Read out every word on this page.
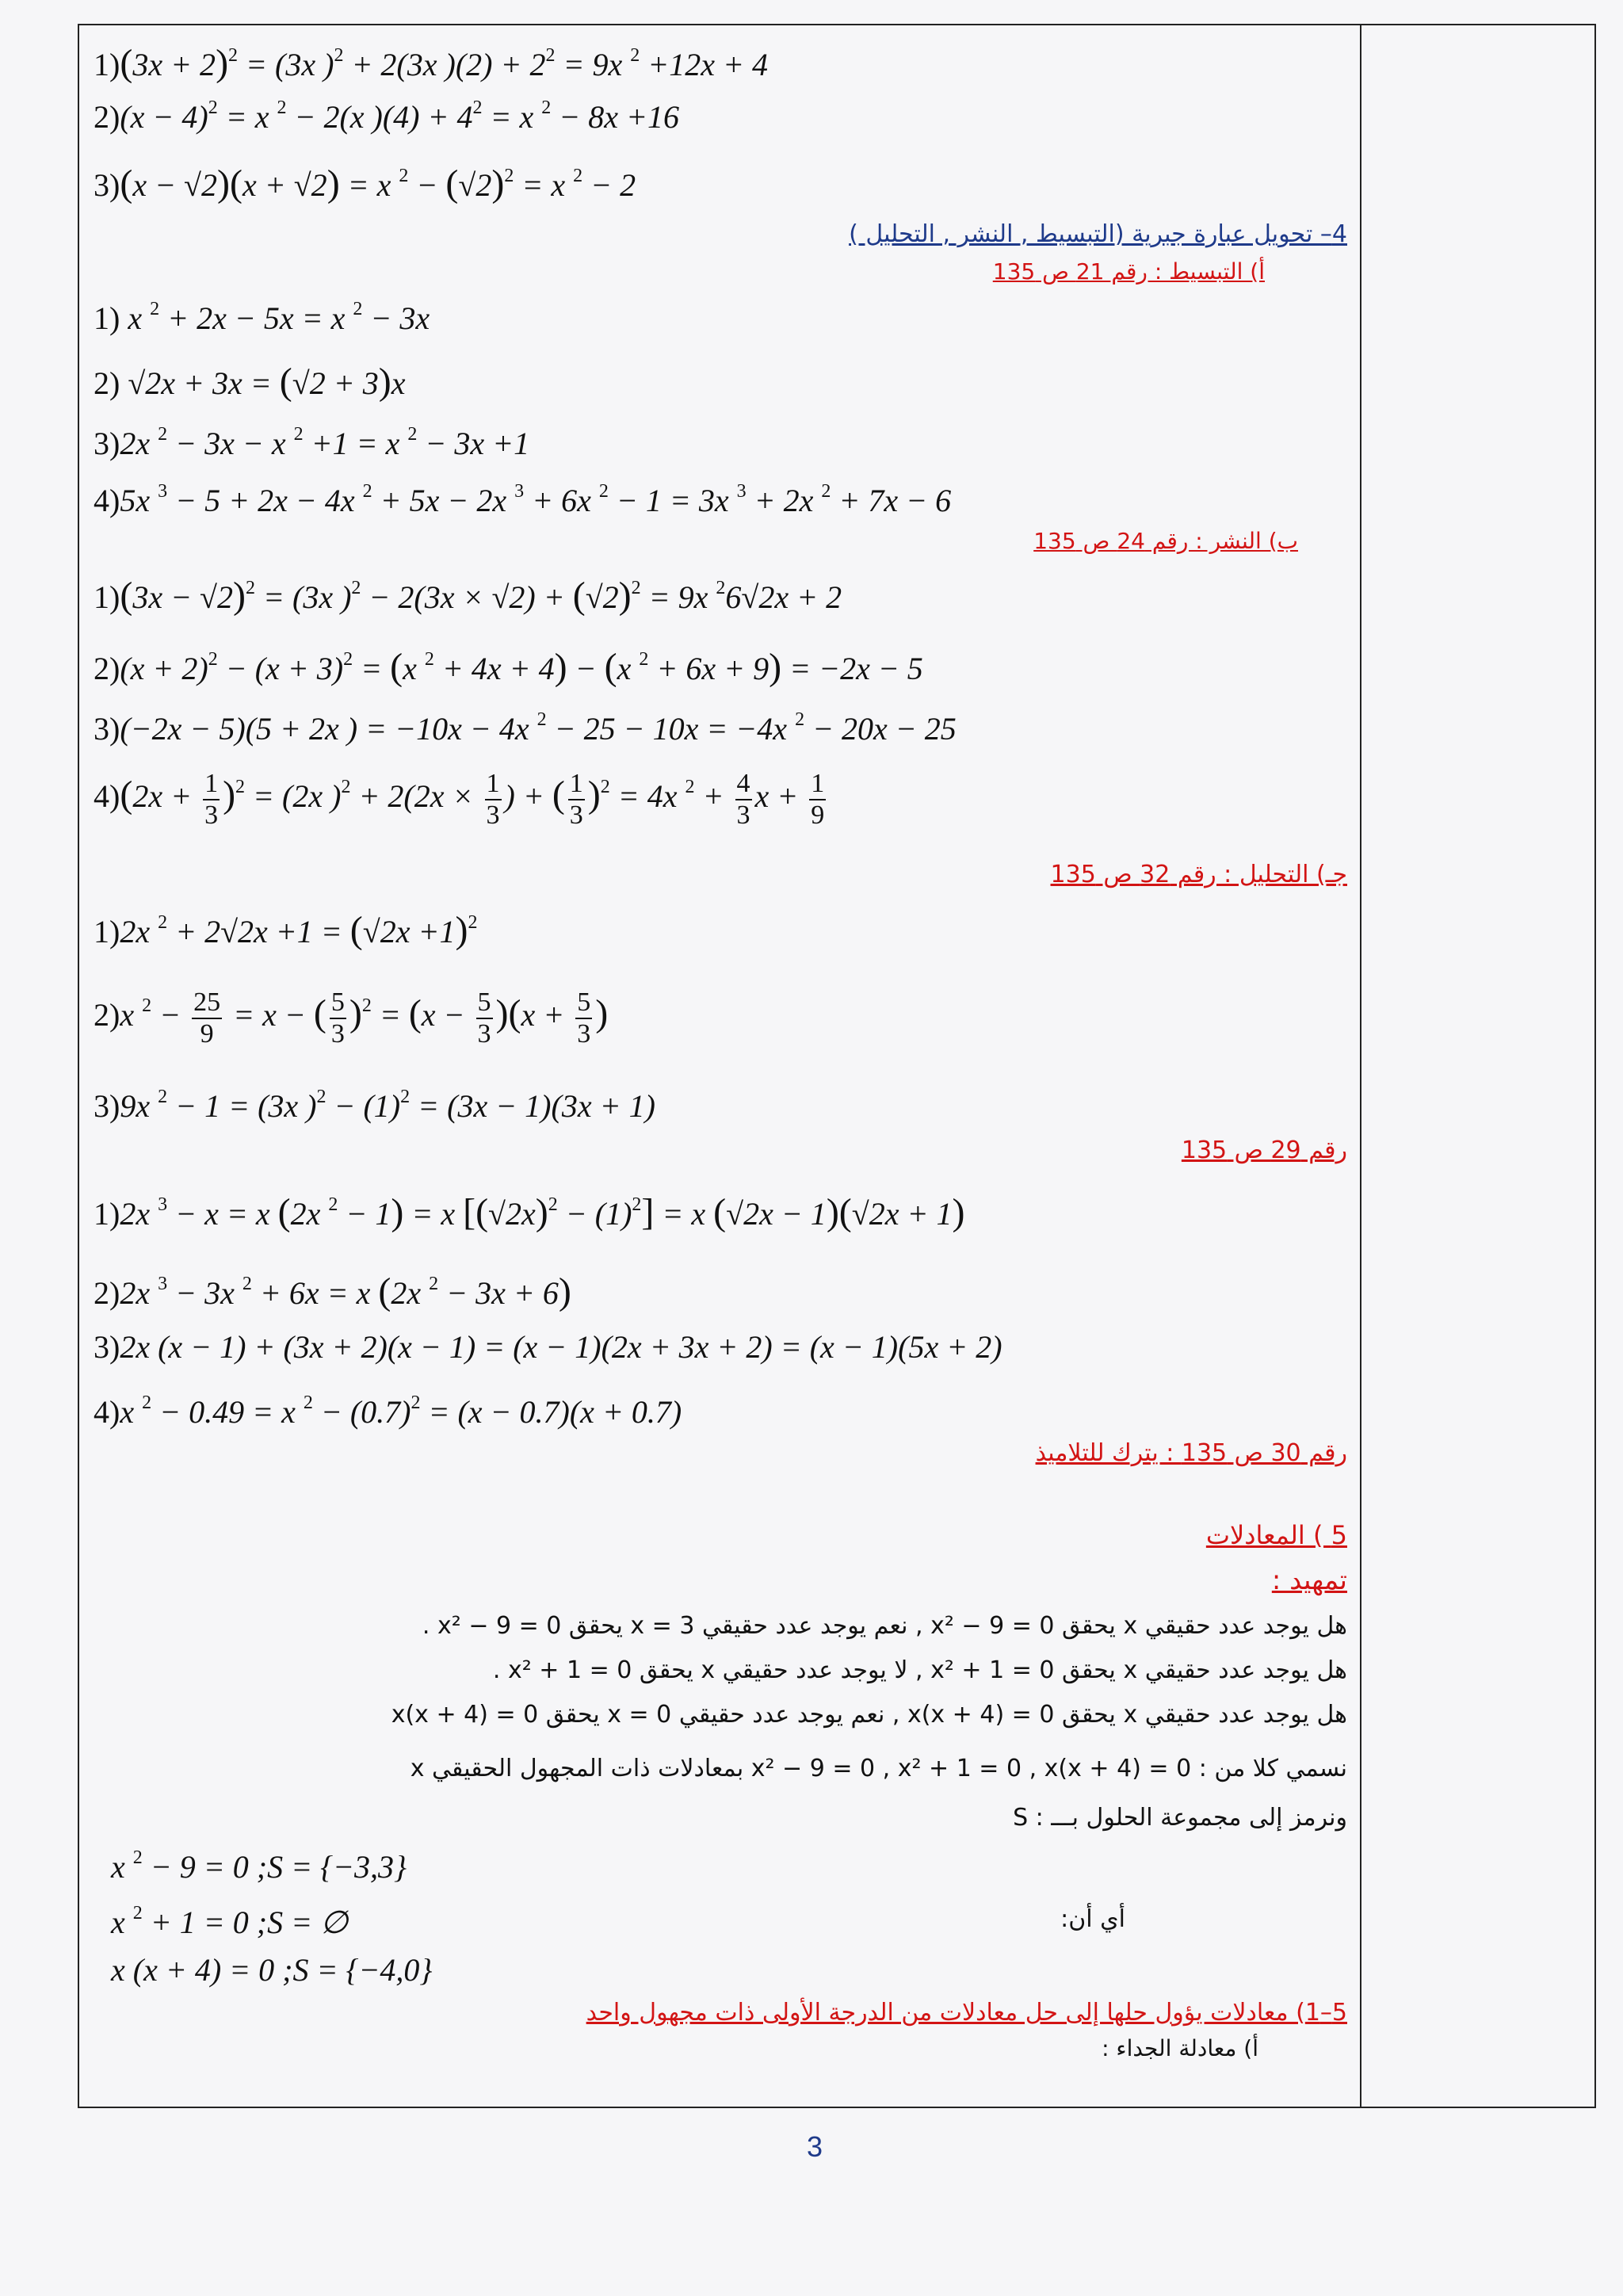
$1)(3x + 2)^2 = (3x$ )$^2$ + 2(3x )$(2) + 2^2 = 9x$ $^2$ +12x + 4
$2)(x - 4)^2 = x$ $^2$ − 2(x )$(4) + 4^2 = x$ $^2$ − 8x +16
3)(x − √2)(x + √2) = x $^2 - (√2)^2 = x$ $^2$ − 2
4– تحويل عبارة جبرية (التبسيط , النشر , التحليل )
أ) التبسيط : رقم 21 ص 135
1) x $^2$ + 2x − 5x = x $^2$ − 3x
2) √2x + 3x = (√2 + 3)x
3)2x $^2$ − 3x − x $^2$ +1 = x $^2$ − 3x +1
4)5x $^3$ − 5 + 2x − 4x $^2$ + 5x − 2x $^3$ + 6x $^2$ − 1 = 3x $^3$ + 2x $^2$ + 7x − 6
ب) النشر : رقم 24 ص 135
$1)(3x - √2)^2 = (3x$ )$^2 - 2(3x \times √2) + (√2)^2 = 9x$ $^2$6√2x + 2
$2)(x + 2)^2 - (x + 3)^2 = (x$ $^2$ + 4x + 4) − (x $^2$ + 6x + 9) = −2x − 5
3)(−2x − 5)(5 + 2x ) = −10x − 4x $^2$ − 25 − 10x = −4x $^2$ − 20x − 25
$4)(2x + \frac{1}{3} )^2 = (2x$ )$^2 + 2(2x \times \frac{1}{3}$ ) + ( $\frac{1}{3} )^2 = 4x$ $^2 + \frac{4}{3}$ $x + \frac{1}{9}$
جـ) التحليل : رقم 32 ص 135
1)2x $^2 + 2√2x +1 = (√2x +1)^2$
2)x $^2 - \frac{25}{9} = x$ − ( $\frac{5}{3} )^2 = (x - \frac{5}{3} )(x + \frac{5}{3}$ )
3)9x $^2$ − 1 = (3x )$^2 - (1)^2 = (3x - 1)(3x + 1)$
رقم 29 ص 135
1)2x $^3$ − x = x (2x $^2$ − 1) = x $[(√2x)^2 - (1)^2] = x$ (√2x − 1)(√2x + 1)
2)2x $^3$ − 3x $^2$ + 6x = x (2x $^2$ − 3x + 6)
3)2x (x − 1) + (3x + 2)(x − 1) = (x − 1)(2x + 3x + 2) = (x − 1)(5x + 2)
4)x $^2$ − 0.49 = x $^2 - (0.7)^2 = (x - 0.7)(x + 0.7)$
رقم 30 ص 135 : يترك للتلاميذ
5 ) المعادلات
تمهيد :
هل يوجد عدد حقيقي x يحقق x² − 9 = 0 , نعم يوجد عدد حقيقي x = 3 يحقق x² − 9 = 0 .
هل يوجد عدد حقيقي x يحقق x² + 1 = 0 , لا يوجد عدد حقيقي x يحقق x² + 1 = 0 .
هل يوجد عدد حقيقي x يحقق x(x + 4) = 0 , نعم يوجد عدد حقيقي x = 0 يحقق x(x + 4) = 0
نسمي كلا من : x² − 9 = 0 , x² + 1 = 0 , x(x + 4) = 0 بمعادلات ذات المجهول الحقيقي x
ونرمز إلى مجموعة الحلول بـــ : S
x $^2$ − 9 = 0 ;S = {−3,3}
x $^2$ + 1 = 0 ;S = ∅	أي أن:
x (x + 4) = 0 ;S = {−4,0}
5–1) معادلات يؤول حلها إلى حل معادلات من الدرجة الأولى ذات مجهول واحد
أ) معادلة الجداء :
3
